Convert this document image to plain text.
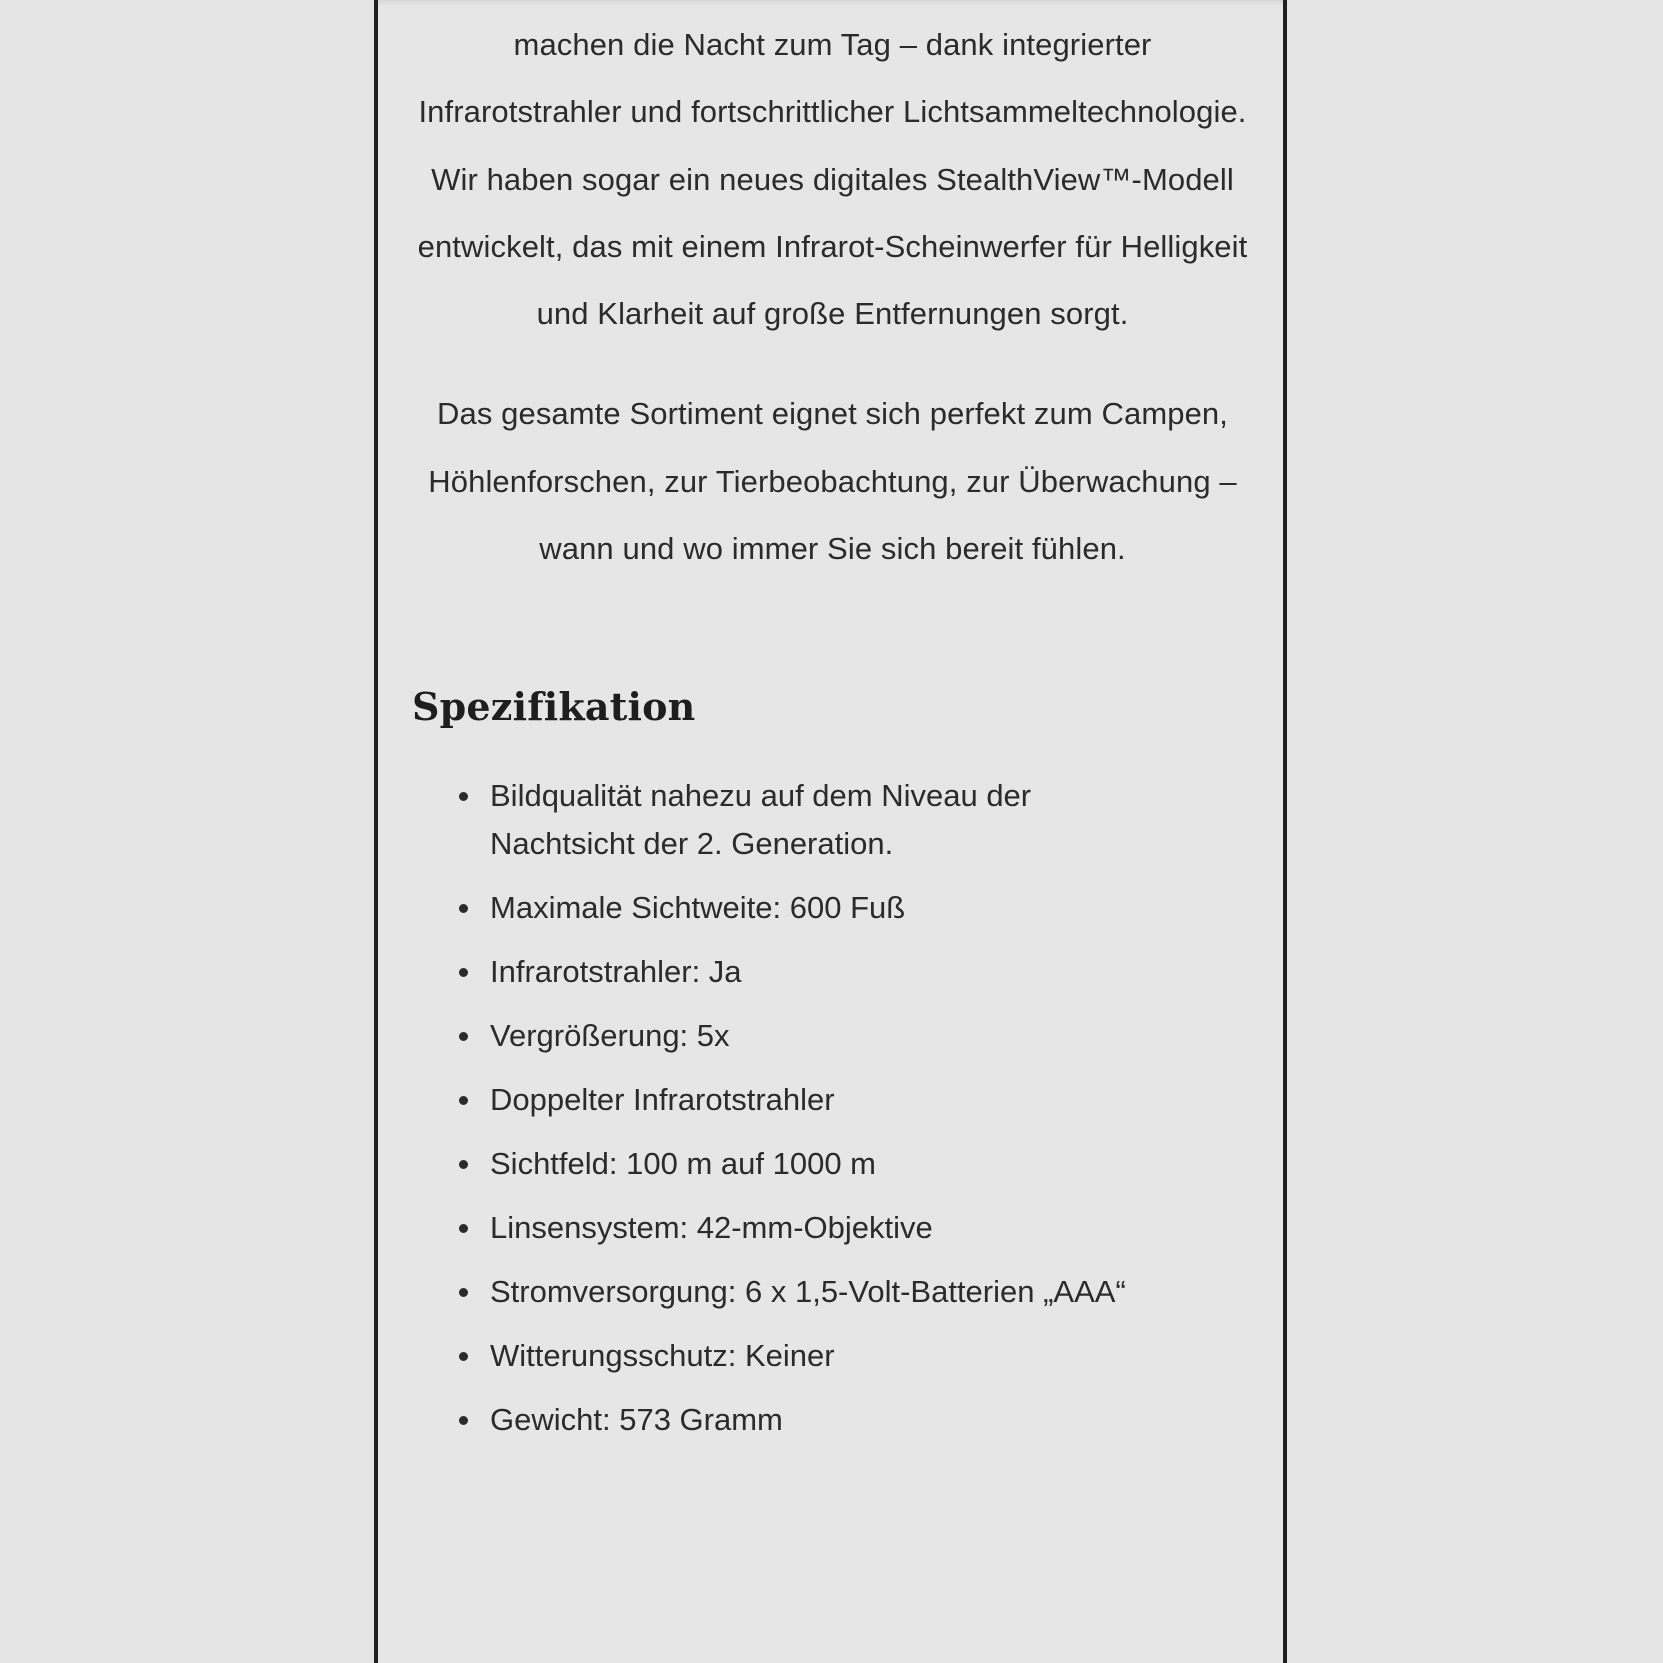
machen die Nacht zum Tag – dank integrierter Infrarotstrahler und fortschrittlicher Lichtsammeltechnologie. Wir haben sogar ein neues digitales StealthView™-Modell entwickelt, das mit einem Infrarot-Scheinwerfer für Helligkeit und Klarheit auf große Entfernungen sorgt.

Das gesamte Sortiment eignet sich perfekt zum Campen, Höhlenforschen, zur Tierbeobachtung, zur Überwachung – wann und wo immer Sie sich bereit fühlen.

Spezifikation
Bildqualität nahezu auf dem Niveau der Nachtsicht der 2. Generation.
Maximale Sichtweite: 600 Fuß
Infrarotstrahler: Ja
Vergrößerung: 5x
Doppelter Infrarotstrahler
Sichtfeld: 100 m auf 1000 m
Linsensystem: 42-mm-Objektive
Stromversorgung: 6 x 1,5-Volt-Batterien „AAA“
Witterungsschutz: Keiner
Gewicht: 573 Gramm
